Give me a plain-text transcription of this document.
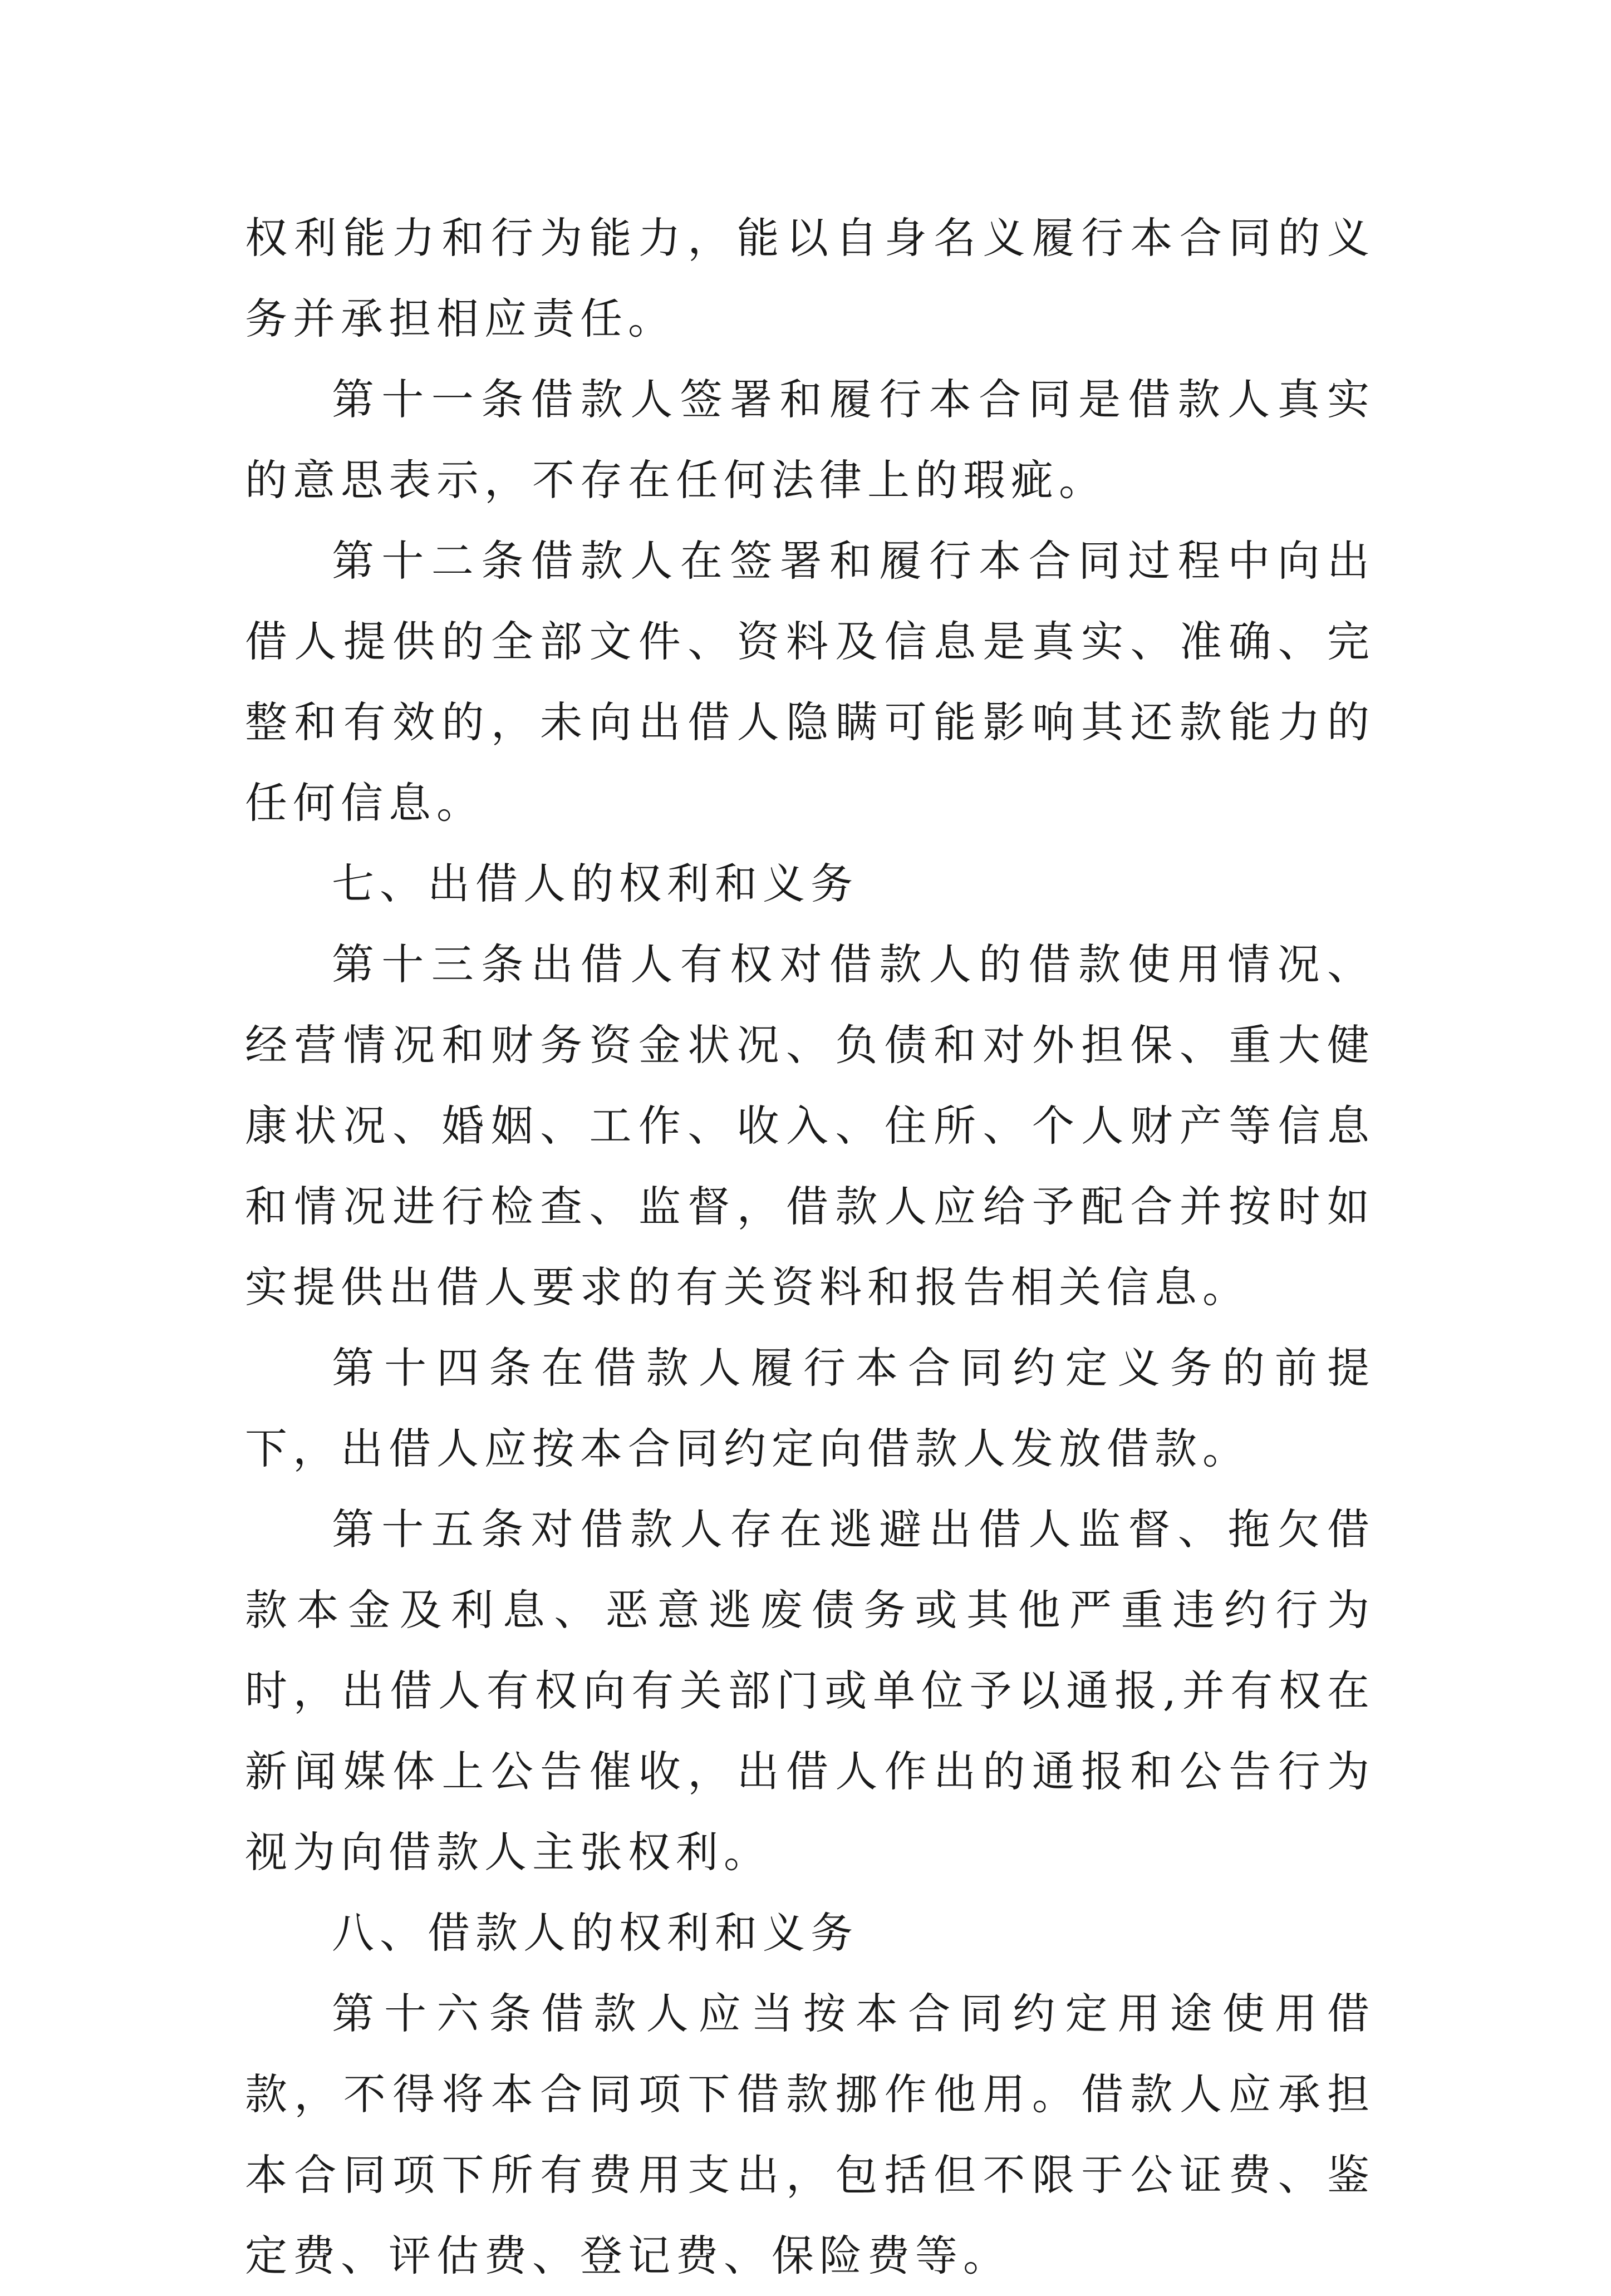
权利能力和行为能力，能以自身名义履行本合同的义务并承担相应责任。

第十一条借款人签署和履行本合同是借款人真实的意思表示，不存在任何法律上的瑕疵。

第十二条借款人在签署和履行本合同过程中向出借人提供的全部文件、资料及信息是真实、准确、完整和有效的，未向出借人隐瞒可能影响其还款能力的任何信息。

七、出借人的权利和义务

第十三条出借人有权对借款人的借款使用情况、经营情况和财务资金状况、负债和对外担保、重大健康状况、婚姻、工作、收入、住所、个人财产等信息和情况进行检查、监督，借款人应给予配合并按时如实提供出借人要求的有关资料和报告相关信息。

第十四条在借款人履行本合同约定义务的前提下，出借人应按本合同约定向借款人发放借款。

第十五条对借款人存在逃避出借人监督、拖欠借款本金及利息、恶意逃废债务或其他严重违约行为时，出借人有权向有关部门或单位予以通报,并有权在新闻媒体上公告催收，出借人作出的通报和公告行为视为向借款人主张权利。

八、借款人的权利和义务

第十六条借款人应当按本合同约定用途使用借款，不得将本合同项下借款挪作他用。借款人应承担本合同项下所有费用支出，包括但不限于公证费、鉴定费、评估费、登记费、保险费等。
